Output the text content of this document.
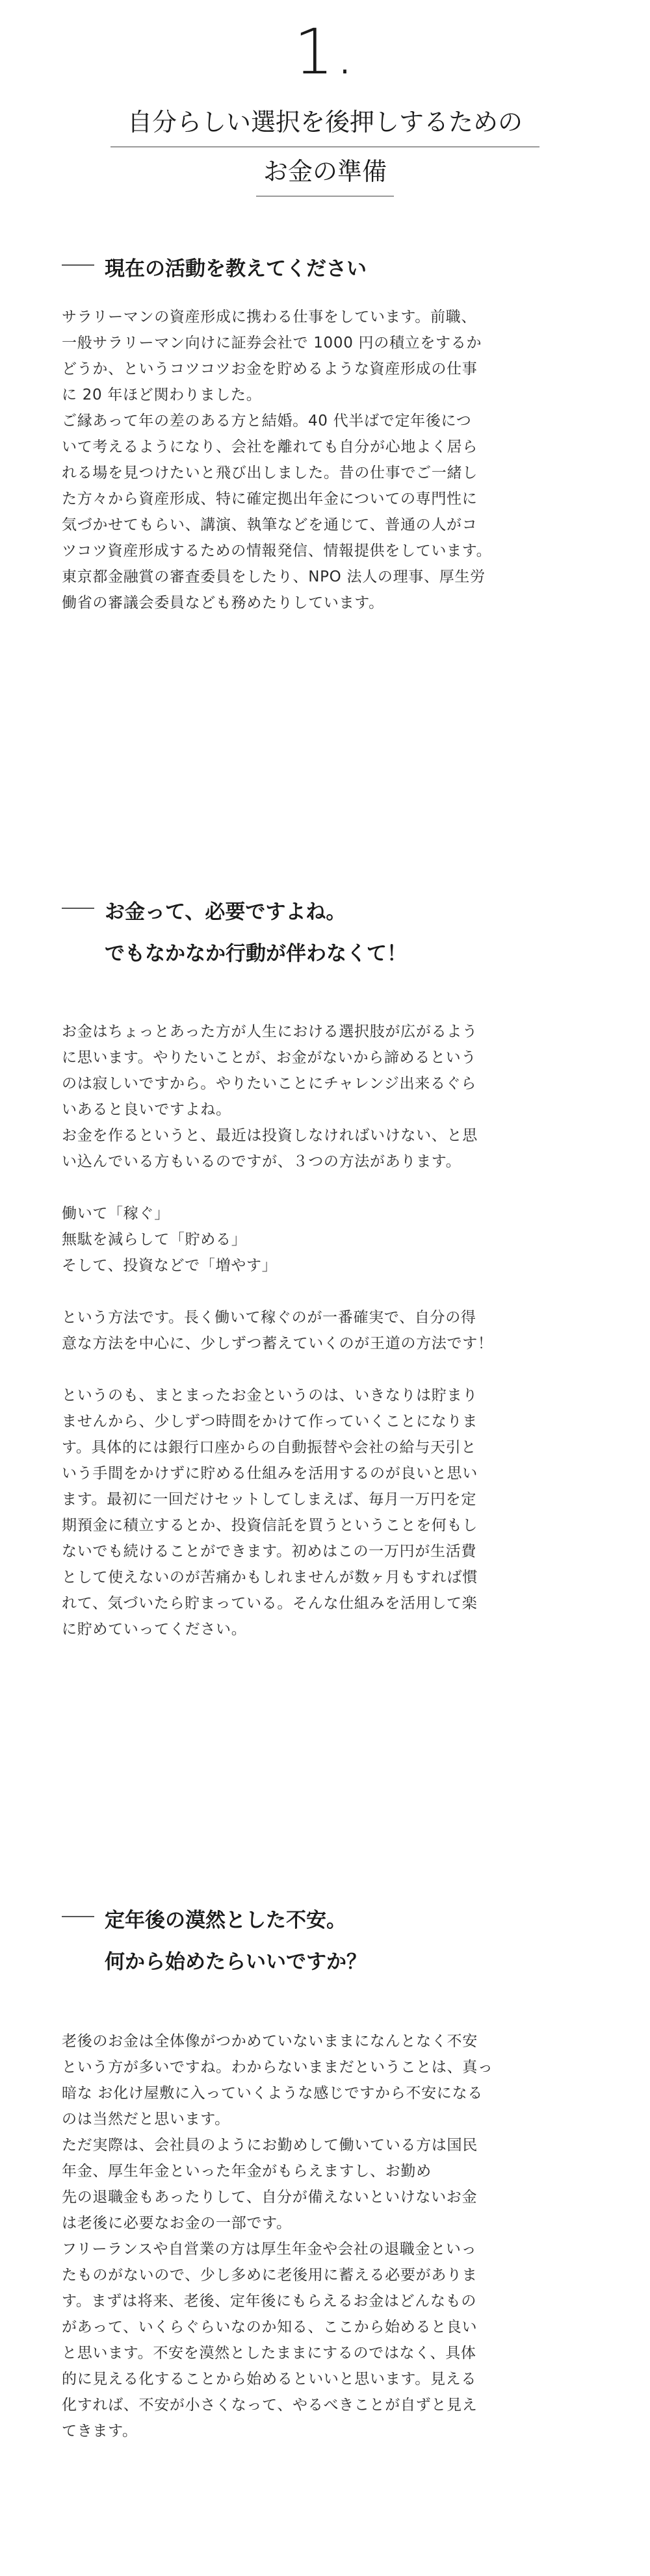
1.
自分らしい選択を後押しするための
お金の準備
現在の活動を教えてください

サラリーマンの資産形成に携わる仕事をしています。前職、

一般サラリーマン向けに証券会社で 1000 円の積立をするか

どうか、というコツコツお金を貯めるような資産形成の仕事

に 20 年ほど関わりました。

ご縁あって年の差のある方と結婚。40 代半ばで定年後につ

いて考えるようになり、会社を離れても自分が心地よく居ら

れる場を見つけたいと飛び出しました。昔の仕事でご一緒し

た方々から資産形成、特に確定拠出年金についての専門性に

気づかせてもらい、講演、執筆などを通じて、普通の人がコ

ツコツ資産形成するための情報発信、情報提供をしています。

東京都金融賞の審査委員をしたり、NPO 法人の理事、厚生労

働省の審議会委員なども務めたりしています。

お金って、必要ですよね。
でもなかなか行動が伴わなくて！

お金はちょっとあった方が人生における選択肢が広がるよう

に思います。やりたいことが、お金がないから諦めるという

のは寂しいですから。やりたいことにチャレンジ出来るぐら

いあると良いですよね。

お金を作るというと、最近は投資しなければいけない、と思

い込んでいる方もいるのですが、３つの方法があります。

働いて「稼ぐ」

無駄を減らして「貯める」

そして、投資などで「増やす」

という方法です。長く働いて稼ぐのが一番確実で、自分の得

意な方法を中心に、少しずつ蓄えていくのが王道の方法です！

というのも、まとまったお金というのは、いきなりは貯まり

ませんから、少しずつ時間をかけて作っていくことになりま

す。具体的には銀行口座からの自動振替や会社の給与天引と

いう手間をかけずに貯める仕組みを活用するのが良いと思い

ます。最初に一回だけセットしてしまえば、毎月一万円を定

期預金に積立するとか、投資信託を買うということを何もし

ないでも続けることができます。初めはこの一万円が生活費

として使えないのが苦痛かもしれませんが数ヶ月もすれば慣

れて、気づいたら貯まっている。そんな仕組みを活用して楽

に貯めていってください。

定年後の漠然とした不安。
何から始めたらいいですか？

老後のお金は全体像がつかめていないままになんとなく不安

という方が多いですね。わからないままだということは、真っ

暗な お化け屋敷に入っていくような感じですから不安になる

のは当然だと思います。

ただ実際は、会社員のようにお勤めして働いている方は国民

年金、厚生年金といった年金がもらえますし、お勤め

先の退職金もあったりして、自分が備えないといけないお金

は老後に必要なお金の一部です。

フリーランスや自営業の方は厚生年金や会社の退職金といっ

たものがないので、少し多めに老後用に蓄える必要がありま

す。まずは将来、老後、定年後にもらえるお金はどんなもの

があって、いくらぐらいなのか知る、ここから始めると良い

と思います。不安を漠然としたままにするのではなく、具体

的に見える化することから始めるといいと思います。見える

化すれば、不安が小さくなって、やるべきことが自ずと見え

てきます。
